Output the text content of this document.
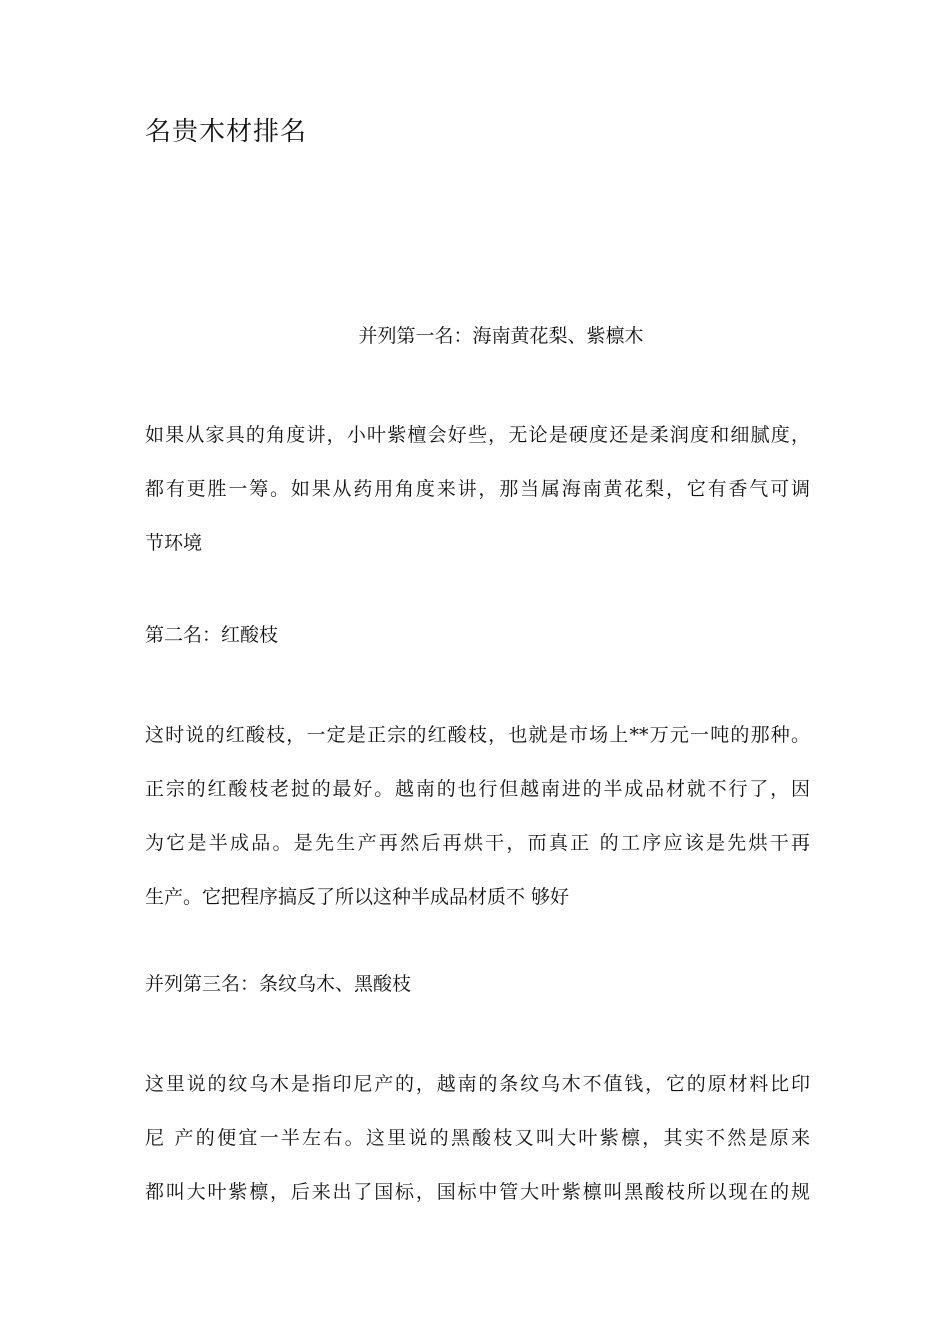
名贵木材排名
并列第一名：海南黄花梨、紫檩木

如果从家具的角度讲，小叶紫檀会好些，无论是硬度还是柔润度和细腻度，
都有更胜一筹。如果从药用角度来讲，那当属海南黄花梨，它有香气可调
节环境

第二名：红酸枝

这时说的红酸枝，一定是正宗的红酸枝，也就是市场上**万元一吨的那种。
正宗的红酸枝老挝的最好。越南的也行但越南进的半成品材就不行了，因
为它是半成品。是先生产再然后再烘干，而真正 的工序应该是先烘干再
生产。它把程序搞反了所以这种半成品材质不 够好

并列第三名：条纹乌木、黑酸枝

这里说的纹乌木是指印尼产的，越南的条纹乌木不值钱，它的原材料比印
尼 产的便宜一半左右。这里说的黑酸枝又叫大叶紫檩，其实不然是原来
都叫大叶紫檩，后来出了国标，国标中管大叶紫檩叫黑酸枝所以现在的规
